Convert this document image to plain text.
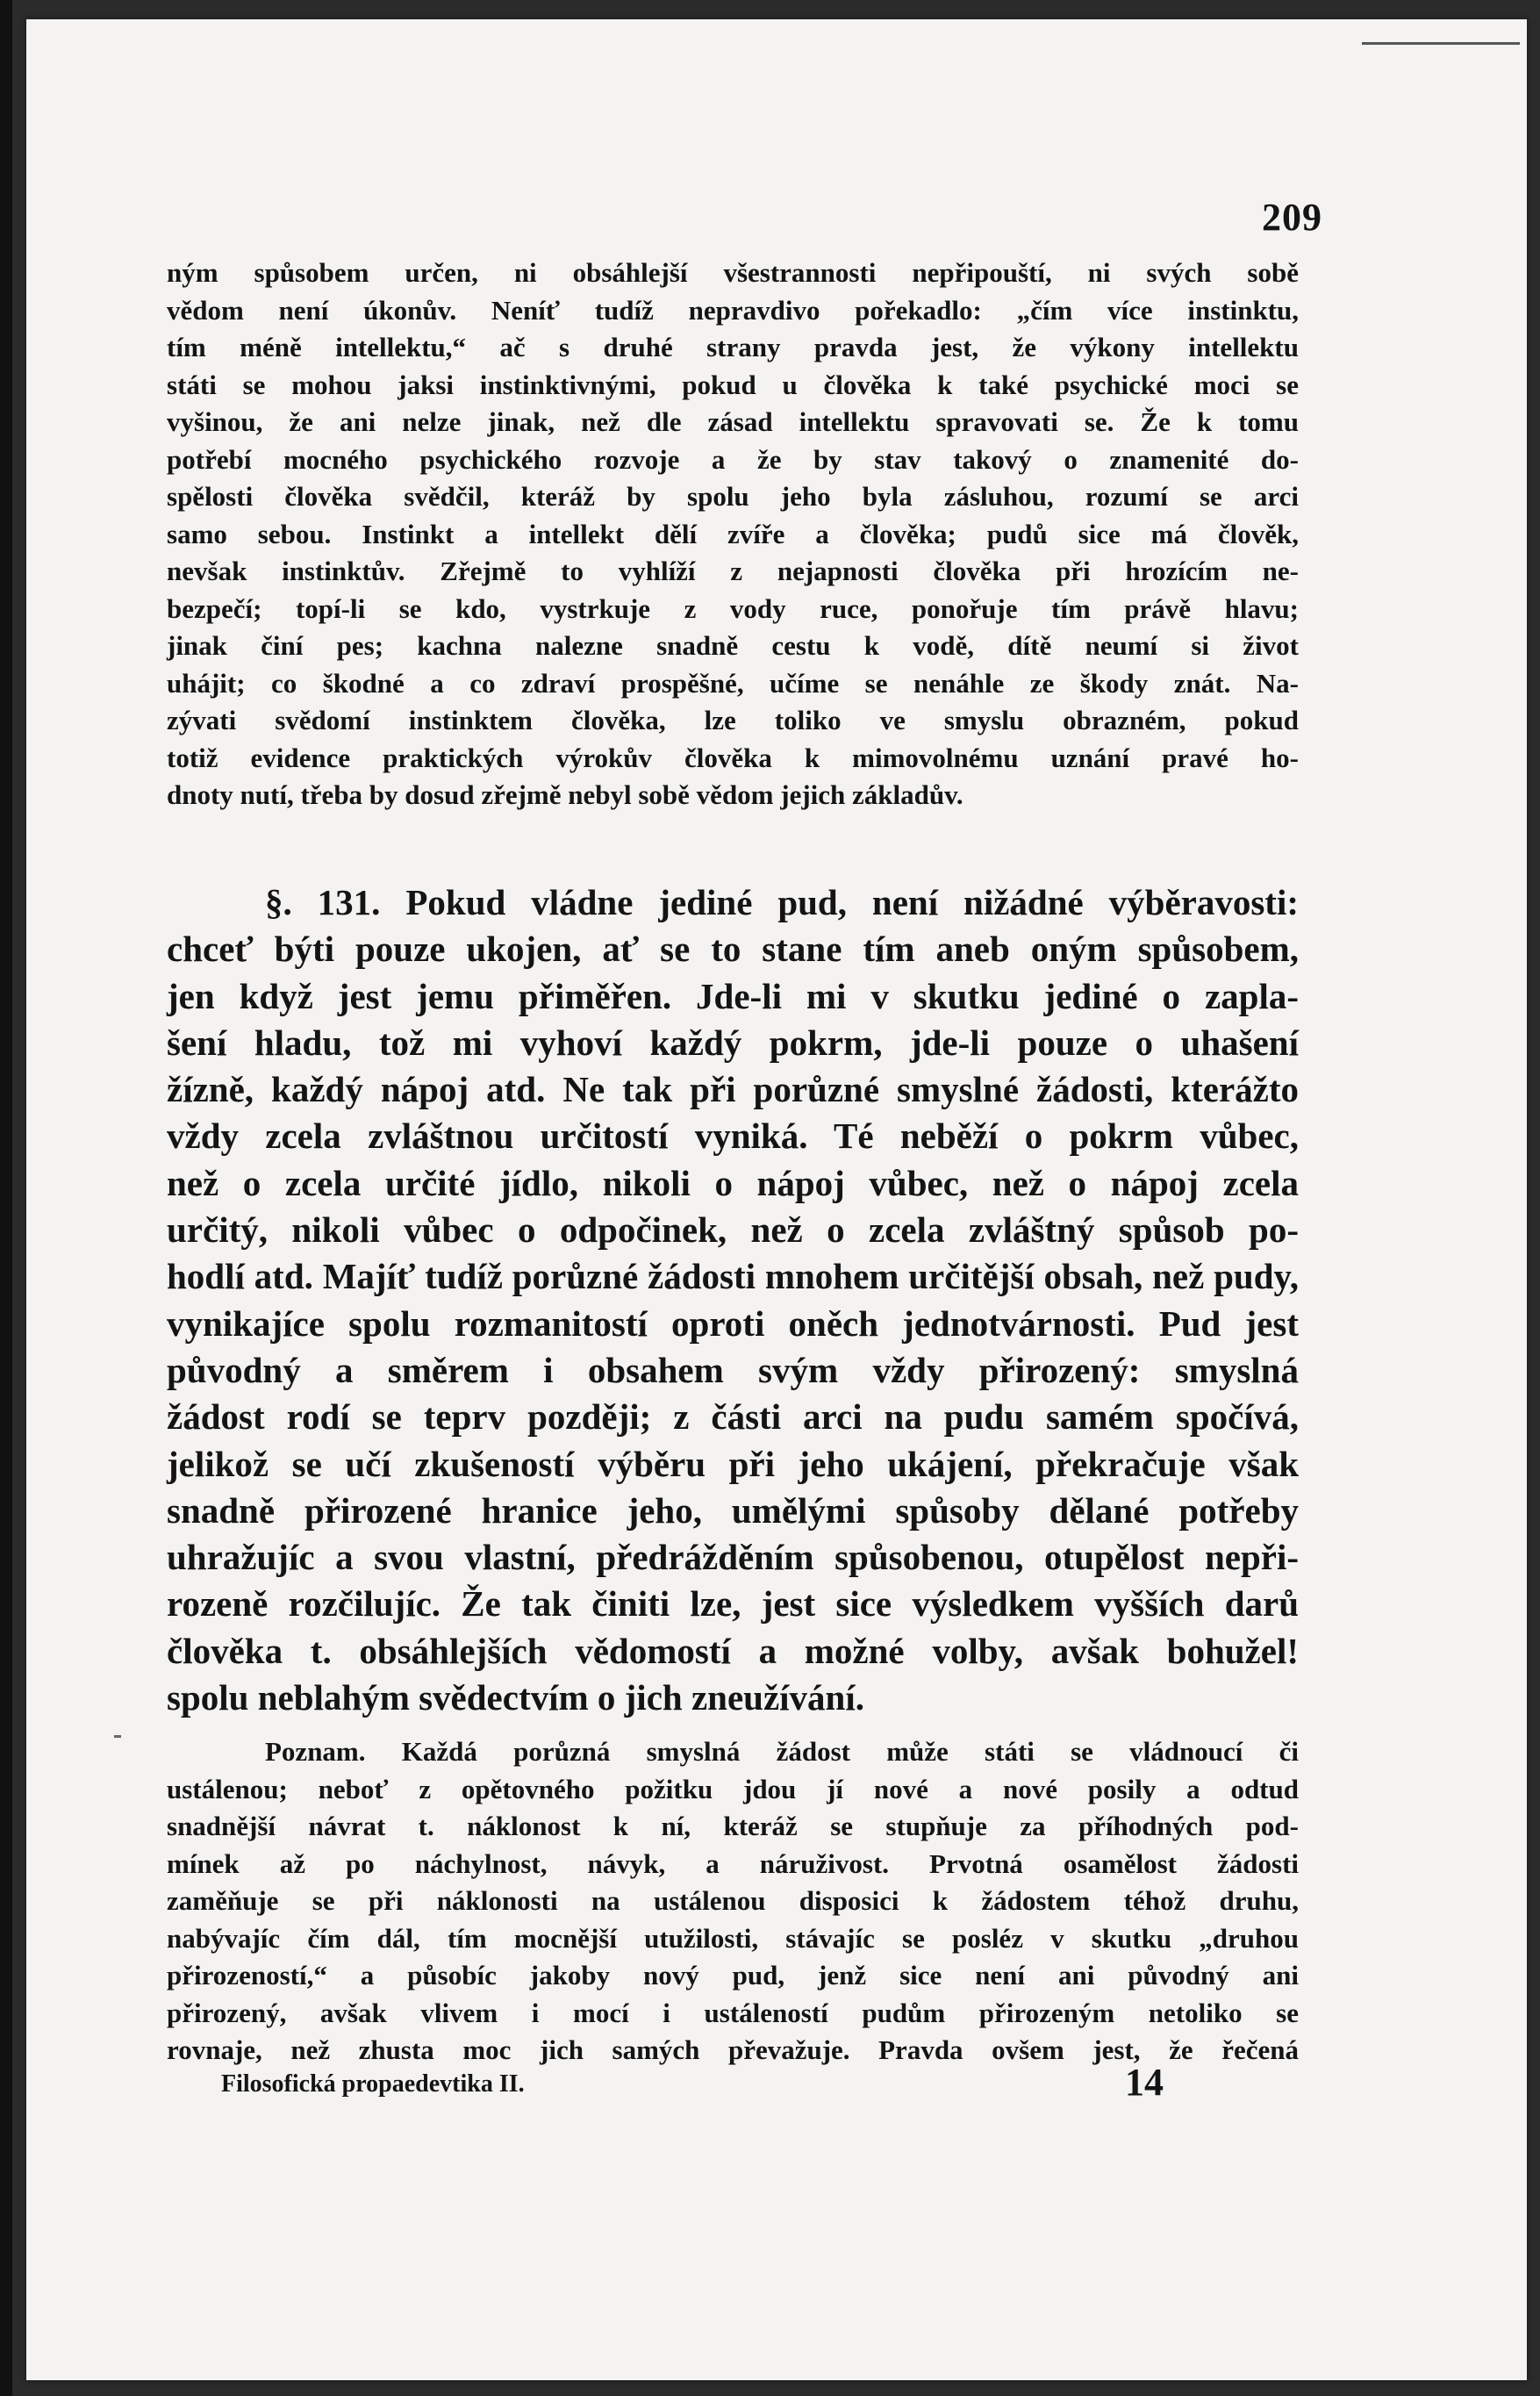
209
ným spůsobem určen, ni obsáhlejší všestrannosti nepřipouští, ni svých sobě
vědom není úkonův. Neníť tudíž nepravdivo pořekadlo: „čím více instinktu,
tím méně intellektu,“ ač s druhé strany pravda jest, že výkony intellektu
státi se mohou jaksi instinktivnými, pokud u člověka k také psychické moci se
vyšinou, že ani nelze jinak, než dle zásad intellektu spravovati se. Že k tomu
potřebí mocného psychického rozvoje a že by stav takový o znamenité do-
spělosti člověka svědčil, kteráž by spolu jeho byla zásluhou, rozumí se arci
samo sebou. Instinkt a intellekt dělí zvíře a člověka; pudů sice má člověk,
nevšak instinktův. Zřejmě to vyhlíží z nejapnosti člověka při hrozícím ne-
bezpečí; topí-li se kdo, vystrkuje z vody ruce, ponořuje tím právě hlavu;
jinak činí pes; kachna nalezne snadně cestu k vodě, dítě neumí si život
uhájit; co škodné a co zdraví prospěšné, učíme se nenáhle ze škody znát. Na-
zývati svědomí instinktem člověka, lze toliko ve smyslu obrazném, pokud
totiž evidence praktických výrokův člověka k mimovolnému uznání pravé ho-
dnoty nutí, třeba by dosud zřejmě nebyl sobě vědom jejich základův.
§. 131. Pokud vládne jediné pud, není nižádné výběravosti:
chceť býti pouze ukojen, ať se to stane tím aneb oným spůsobem,
jen když jest jemu přiměřen. Jde-li mi v skutku jediné o zapla-
šení hladu, tož mi vyhoví každý pokrm, jde-li pouze o uhašení
žízně, každý nápoj atd. Ne tak při porůzné smyslné žádosti, kterážto
vždy zcela zvláštnou určitostí vyniká. Té neběží o pokrm vůbec,
než o zcela určité jídlo, nikoli o nápoj vůbec, než o nápoj zcela
určitý, nikoli vůbec o odpočinek, než o zcela zvláštný spůsob po-
hodlí atd. Majíť tudíž porůzné žádosti mnohem určitější obsah, než pudy,
vynikajíce spolu rozmanitostí oproti oněch jednotvárnosti. Pud jest
původný a směrem i obsahem svým vždy přirozený: smyslná
žádost rodí se teprv později; z části arci na pudu samém spočívá,
jelikož se učí zkušeností výběru při jeho ukájení, překračuje však
snadně přirozené hranice jeho, umělými spůsoby dělané potřeby
uhražujíc a svou vlastní, předrážděním spůsobenou, otupělost nepři-
rozeně rozčilujíc. Že tak činiti lze, jest sice výsledkem vyšších darů
člověka t. obsáhlejších vědomostí a možné volby, avšak bohužel!
spolu neblahým svědectvím o jich zneužívání.
Poznam. Každá porůzná smyslná žádost může státi se vládnoucí či
ustálenou; neboť z opětovného požitku jdou jí nové a nové posily a odtud
snadnější návrat t. náklonost k ní, kteráž se stupňuje za příhodných pod-
mínek až po náchylnost, návyk, a náruživost. Prvotná osamělost žádosti
zaměňuje se při náklonosti na ustálenou disposici k žádostem téhož druhu,
nabývajíc čím dál, tím mocnější utužilosti, stávajíc se posléz v skutku „druhou
přirozeností,“ a působíc jakoby nový pud, jenž sice není ani původný ani
přirozený, avšak vlivem i mocí i ustáleností pudům přirozeným netoliko se
rovnaje, než zhusta moc jich samých převažuje. Pravda ovšem jest, že řečená
Filosofická propaedevtika II.	14
